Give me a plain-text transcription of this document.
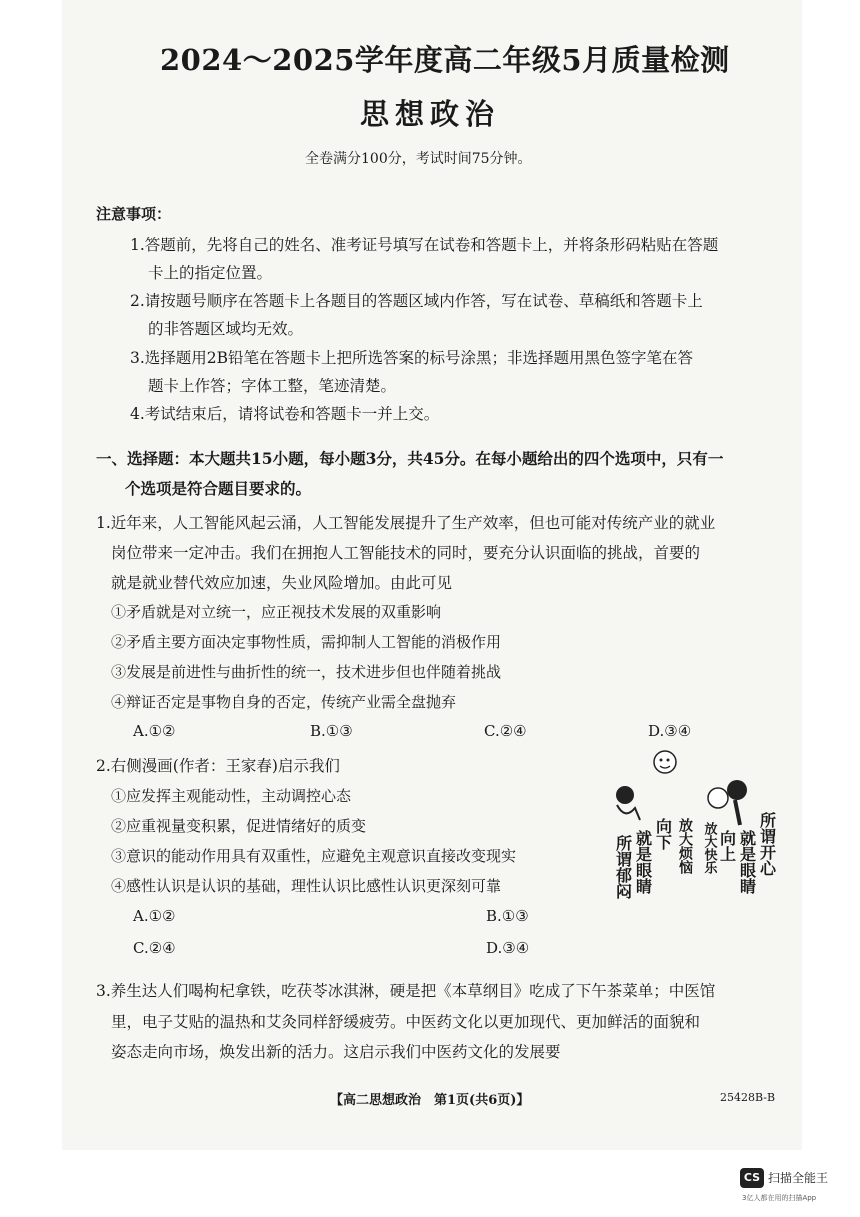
2024～2025学年度高二年级5月质量检测
思想政治
全卷满分100分，考试时间75分钟。
注意事项：
1.答题前，先将自己的姓名、准考证号填写在试卷和答题卡上，并将条形码粘贴在答题
卡上的指定位置。
2.请按题号顺序在答题卡上各题目的答题区域内作答，写在试卷、草稿纸和答题卡上
的非答题区域均无效。
3.选择题用2B铅笔在答题卡上把所选答案的标号涂黑；非选择题用黑色签字笔在答
题卡上作答；字体工整，笔迹清楚。
4.考试结束后，请将试卷和答题卡一并上交。
一、选择题：本大题共15小题，每小题3分，共45分。在每小题给出的四个选项中，只有一
个选项是符合题目要求的。
1.近年来，人工智能风起云涌，人工智能发展提升了生产效率，但也可能对传统产业的就业
岗位带来一定冲击。我们在拥抱人工智能技术的同时，要充分认识面临的挑战，首要的
就是就业替代效应加速，失业风险增加。由此可见
①矛盾就是对立统一，应正视技术发展的双重影响
②矛盾主要方面决定事物性质，需抑制人工智能的消极作用
③发展是前进性与曲折性的统一，技术进步但也伴随着挑战
④辩证否定是事物自身的否定，传统产业需全盘抛弃
A.①②	B.①③	C.②④	D.③④
2.右侧漫画(作者：王家春)启示我们
①应发挥主观能动性，主动调控心态
②应重视量变积累，促进情绪好的质变
③意识的能动作用具有双重性，应避免主观意识直接改变现实
④感性认识是认识的基础，理性认识比感性认识更深刻可靠
A.①②	B.①③
C.②④	D.③④
所谓开心
就是眼睛
向上
放大快乐
所谓郁闷 就是眼睛 向下 放大烦恼
3.养生达人们喝枸杞拿铁，吃茯苓冰淇淋，硬是把《本草纲目》吃成了下午茶菜单；中医馆
里，电子艾贴的温热和艾灸同样舒缓疲劳。中医药文化以更加现代、更加鲜活的面貌和
姿态走向市场，焕发出新的活力。这启示我们中医药文化的发展要
【高二思想政治　第1页(共6页)】	25428B-B
CS 扫描全能王
3亿人都在用的扫描App
